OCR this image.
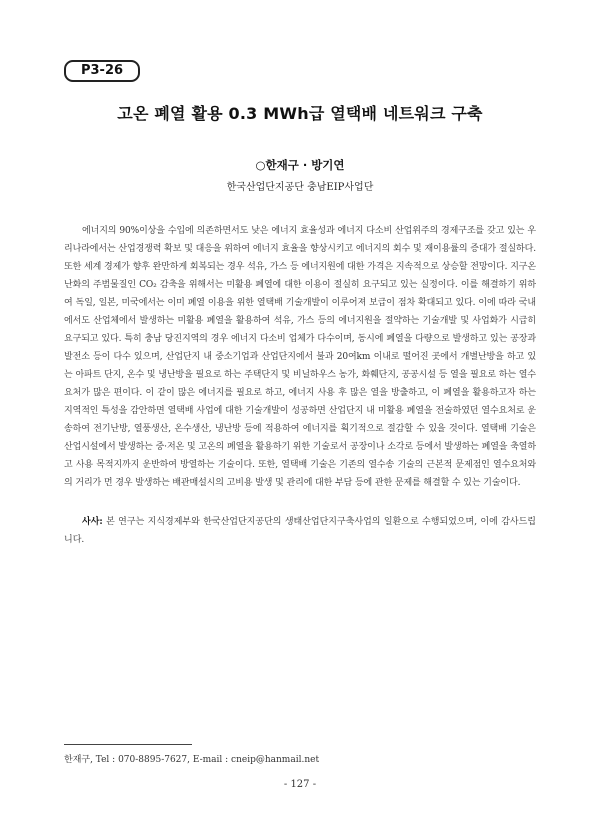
P3-26
고온 폐열 활용 0.3 MWh급 열택배 네트워크 구축
○한재구 · 방기연
한국산업단지공단 충남EIP사업단

에너지의 90%이상을 수입에 의존하면서도 낮은 에너지 효율성과 에너지 다소비 산업위주의 경제구조를 갖고 있는 우리나라에서는 산업경쟁력 확보 및 대응을 위하여 에너지 효율을 향상시키고 에너지의 회수 및 재이용률의 증대가 절실하다. 또한 세계 경제가 향후 완만하게 회복되는 경우 석유, 가스 등 에너지원에 대한 가격은 지속적으로 상승할 전망이다. 지구온난화의 주범물질인 CO₂ 감축을 위해서는 미활용 폐열에 대한 이용이 절실히 요구되고 있는 실정이다. 이를 해결하기 위하여 독일, 일본, 미국에서는 이미 폐열 이용을 위한 열택배 기술개발이 이루어져 보급이 점차 확대되고 있다. 이에 따라 국내에서도 산업체에서 발생하는 미활용 폐열을 활용하여 석유, 가스 등의 에너지원을 절약하는 기술개발 및 사업화가 시급히 요구되고 있다. 특히 충남 당진지역의 경우 에너지 다소비 업체가 다수이며, 동시에 폐열을 다량으로 발생하고 있는 공장과 발전소 등이 다수 있으며, 산업단지 내 중소기업과 산업단지에서 불과 20여km 이내로 떨어진 곳에서 개별난방을 하고 있는 아파트 단지, 온수 및 냉난방을 필요로 하는 주택단지 및 비닐하우스 농가, 화훼단지, 공공시설 등 열을 필요로 하는 열수요처가 많은 편이다. 이 같이 많은 에너지를 필요로 하고, 에너지 사용 후 많은 열을 방출하고, 이 폐열을 활용하고자 하는 지역적인 특성을 감안하면 열택배 사업에 대한 기술개발이 성공하면 산업단지 내 미활용 폐열을 전술하였던 열수요처로 운송하여 전기난방, 열풍생산, 온수생산, 냉난방 등에 적용하여 에너지를 획기적으로 절감할 수 있을 것이다. 열택배 기술은 산업시설에서 발생하는 중·저온 및 고온의 폐열을 활용하기 위한 기술로서 공장이나 소각로 등에서 발생하는 폐열을 축열하고 사용 목적지까지 운반하여 방열하는 기술이다. 또한, 열택배 기술은 기존의 열수송 기술의 근본적 문제점인 열수요처와의 거리가 먼 경우 발생하는 배관매설시의 고비용 발생 및 관리에 대한 부담 등에 관한 문제를 해결할 수 있는 기술이다.

사사: 본 연구는 지식경제부와 한국산업단지공단의 생태산업단지구축사업의 일환으로 수행되었으며, 이에 감사드립니다.

한재구, Tel : 070-8895-7627, E-mail : cneip@hanmail.net
- 127 -
